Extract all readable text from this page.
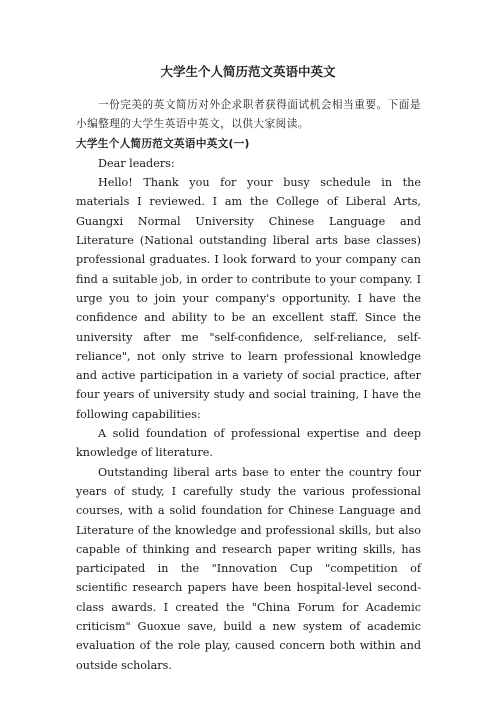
大学生个人简历范文英语中英文

一份完美的英文简历对外企求职者获得面试机会相当重要。下面是小编整理的大学生英语中英文，以供大家阅读。

大学生个人简历范文英语中英文(一)

Dear leaders:

Hello! Thank you for your busy schedule in the materials I reviewed. I am the College of Liberal Arts, Guangxi Normal University Chinese Language and Literature (National outstanding liberal arts base classes) professional graduates. I look forward to your company can find a suitable job, in order to contribute to your company. I urge you to join your company's opportunity. I have the confidence and ability to be an excellent staff. Since the university after me "self-confidence, self-reliance, self-reliance", not only strive to learn professional knowledge and active participation in a variety of social practice, after four years of university study and social training, I have the following capabilities:

A solid foundation of professional expertise and deep knowledge of literature.

Outstanding liberal arts base to enter the country four years of study, I carefully study the various professional courses, with a solid foundation for Chinese Language and Literature of the knowledge and professional skills, but also capable of thinking and research paper writing skills, has participated in the "Innovation Cup "competition of scientific research papers have been hospital-level second-class awards. I created the "China Forum for Academic criticism" Guoxue save, build a new system of academic evaluation of the role play, caused concern both within and outside scholars.
